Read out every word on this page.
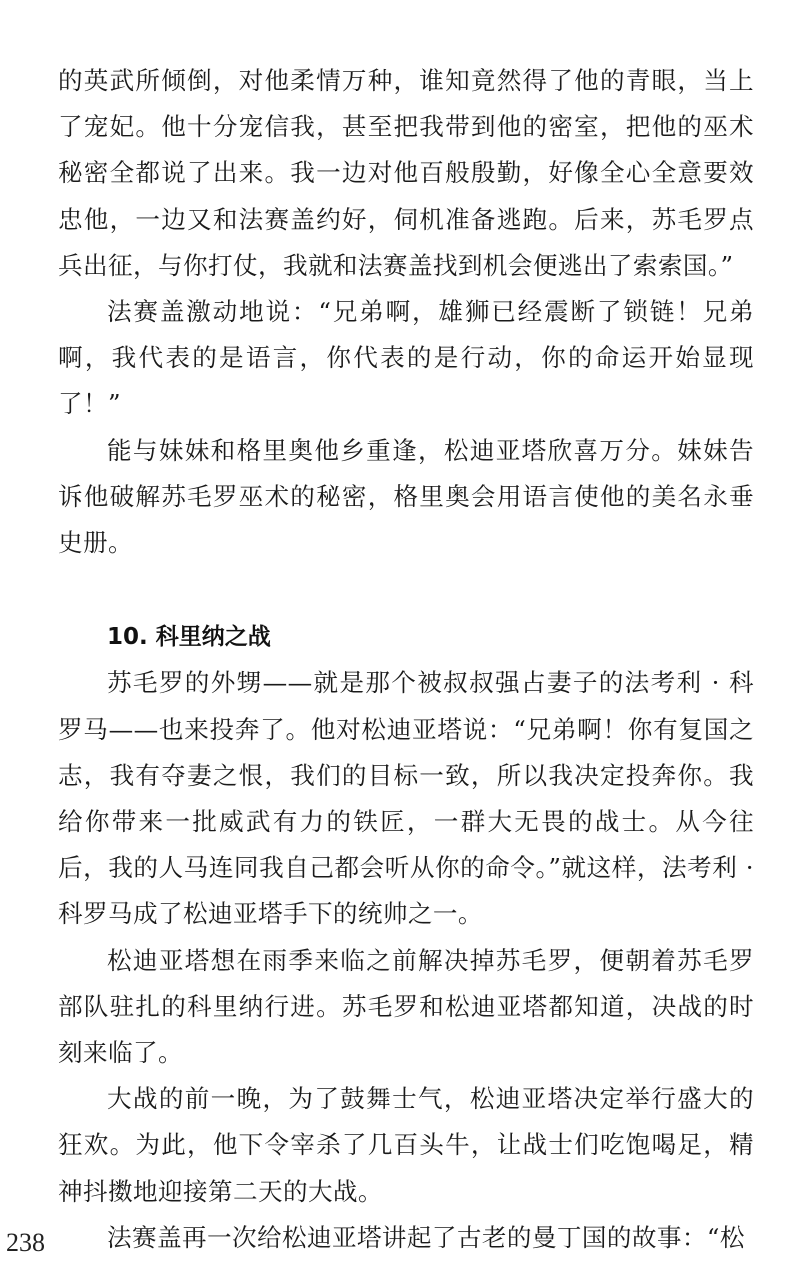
的英武所倾倒，对他柔情万种，谁知竟然得了他的青眼，当上了宠妃。他十分宠信我，甚至把我带到他的密室，把他的巫术秘密全都说了出来。我一边对他百般殷勤，好像全心全意要效忠他，一边又和法赛盖约好，伺机准备逃跑。后来，苏毛罗点兵出征，与你打仗，我就和法赛盖找到机会便逃出了索索国。”

法赛盖激动地说：“兄弟啊，雄狮已经震断了锁链！兄弟啊，我代表的是语言，你代表的是行动，你的命运开始显现了！”

能与妹妹和格里奥他乡重逢，松迪亚塔欣喜万分。妹妹告诉他破解苏毛罗巫术的秘密，格里奥会用语言使他的美名永垂史册。

10. 科里纳之战

苏毛罗的外甥——就是那个被叔叔强占妻子的法考利 · 科罗马——也来投奔了。他对松迪亚塔说：“兄弟啊！你有复国之志，我有夺妻之恨，我们的目标一致，所以我决定投奔你。我给你带来一批威武有力的铁匠，一群大无畏的战士。从今往后，我的人马连同我自己都会听从你的命令。”就这样，法考利 · 科罗马成了松迪亚塔手下的统帅之一。

松迪亚塔想在雨季来临之前解决掉苏毛罗，便朝着苏毛罗部队驻扎的科里纳行进。苏毛罗和松迪亚塔都知道，决战的时刻来临了。

大战的前一晚，为了鼓舞士气，松迪亚塔决定举行盛大的狂欢。为此，他下令宰杀了几百头牛，让战士们吃饱喝足，精神抖擞地迎接第二天的大战。

法赛盖再一次给松迪亚塔讲起了古老的曼丁国的故事：“松

238
